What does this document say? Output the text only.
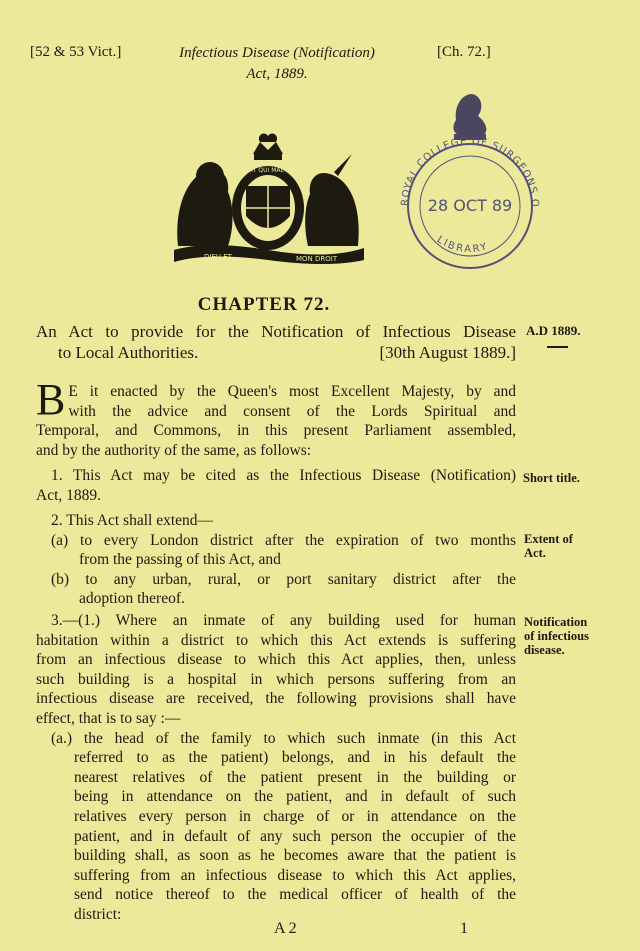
[52 & 53 Vict.]	Infectious Disease (Notification)
Act, 1889.
[Ch. 72.]
HONI SOIT QUI MAL Y PENSE
DIEU ET	MON DROIT
ROYAL COLLEGE OF SURGEONS OF ENGLAND
28 OCT 89
LIBRARY
CHAPTER 72.
An Act to provide for the Notification of Infectious Disease
to Local Authorities.	[30th August 1889.]
A.D 1889.
B E it enacted by the Queen's most Excellent Majesty, by and
with the advice and consent of the Lords Spiritual and
Temporal, and Commons, in this present Parliament assembled,
and by the authority of the same, as follows:
1. This Act may be cited as the Infectious Disease (Notification)
Act, 1889.
Short title.
2. This Act shall extend—
(a) to every London district after the expiration of two months
from the passing of this Act, and
(b) to any urban, rural, or port sanitary district after the
adoption thereof.
Extent of
Act.
3.—(1.) Where an inmate of any building used for human
habitation within a district to which this Act extends is suffering
from an infectious disease to which this Act applies, then, unless
such building is a hospital in which persons suffering from an
infectious disease are received, the following provisions shall have
effect, that is to say :—
(a.) the head of the family to which such inmate (in this Act
referred to as the patient) belongs, and in his default the
nearest relatives of the patient present in the building or
being in attendance on the patient, and in default of such
relatives every person in charge of or in attendance on the
patient, and in default of any such person the occupier of the
building shall, as soon as he becomes aware that the patient is
suffering from an infectious disease to which this Act applies,
send notice thereof to the medical officer of health of the
district:
Notification
of infectious
disease.
A 2	1
